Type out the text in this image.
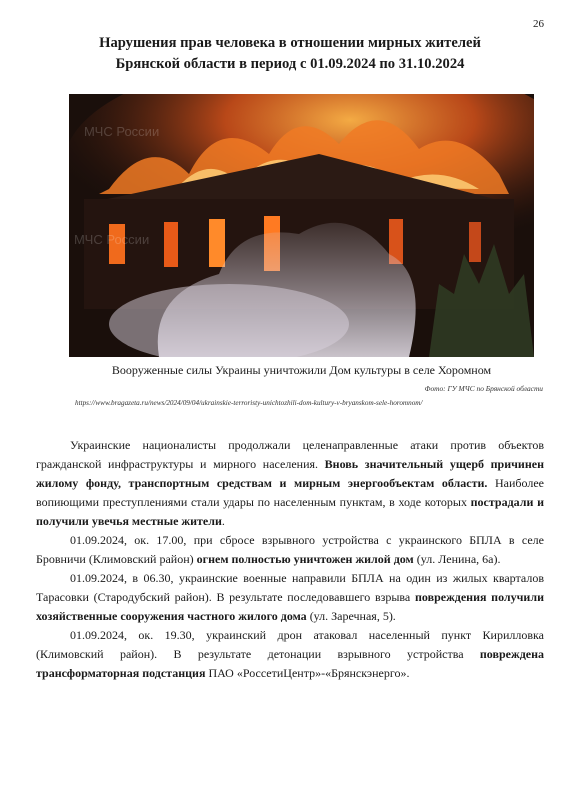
26
Нарушения прав человека в отношении мирных жителей
Брянской области в период с 01.09.2024 по 31.10.2024
МЧС России
МЧС России
Вооруженные силы Украины уничтожили Дом культуры в селе Хоромном
Фото: ГУ МЧС по Брянской области
https://www.bragazeta.ru/news/2024/09/04/ukrainskie-terroristy-unichtozhili-dom-kultury-v-bryanskom-sele-horomnom/

Украинские националисты продолжали целенаправленные атаки против объектов гражданской инфраструктуры и мирного населения. Вновь значительный ущерб причинен жилому фонду, транспортным средствам и мирным энергообъектам области. Наиболее вопиющими преступлениями стали удары по населенным пунктам, в ходе которых пострадали и получили увечья местные жители.

01.09.2024, ок. 17.00, при сбросе взрывного устройства с украинского БПЛА в селе Бровничи (Климовский район) огнем полностью уничтожен жилой дом (ул. Ленина, 6а).

01.09.2024, в 06.30, украинские военные направили БПЛА на один из жилых кварталов Тарасовки (Стародубский район). В результате последовавшего взрыва повреждения получили хозяйственные сооружения частного жилого дома (ул. Заречная, 5).

01.09.2024, ок. 19.30, украинский дрон атаковал населенный пункт Кирилловка (Климовский район). В результате детонации взрывного устройства повреждена трансформаторная подстанция ПАО «РоссетиЦентр»-«Брянскэнерго».
